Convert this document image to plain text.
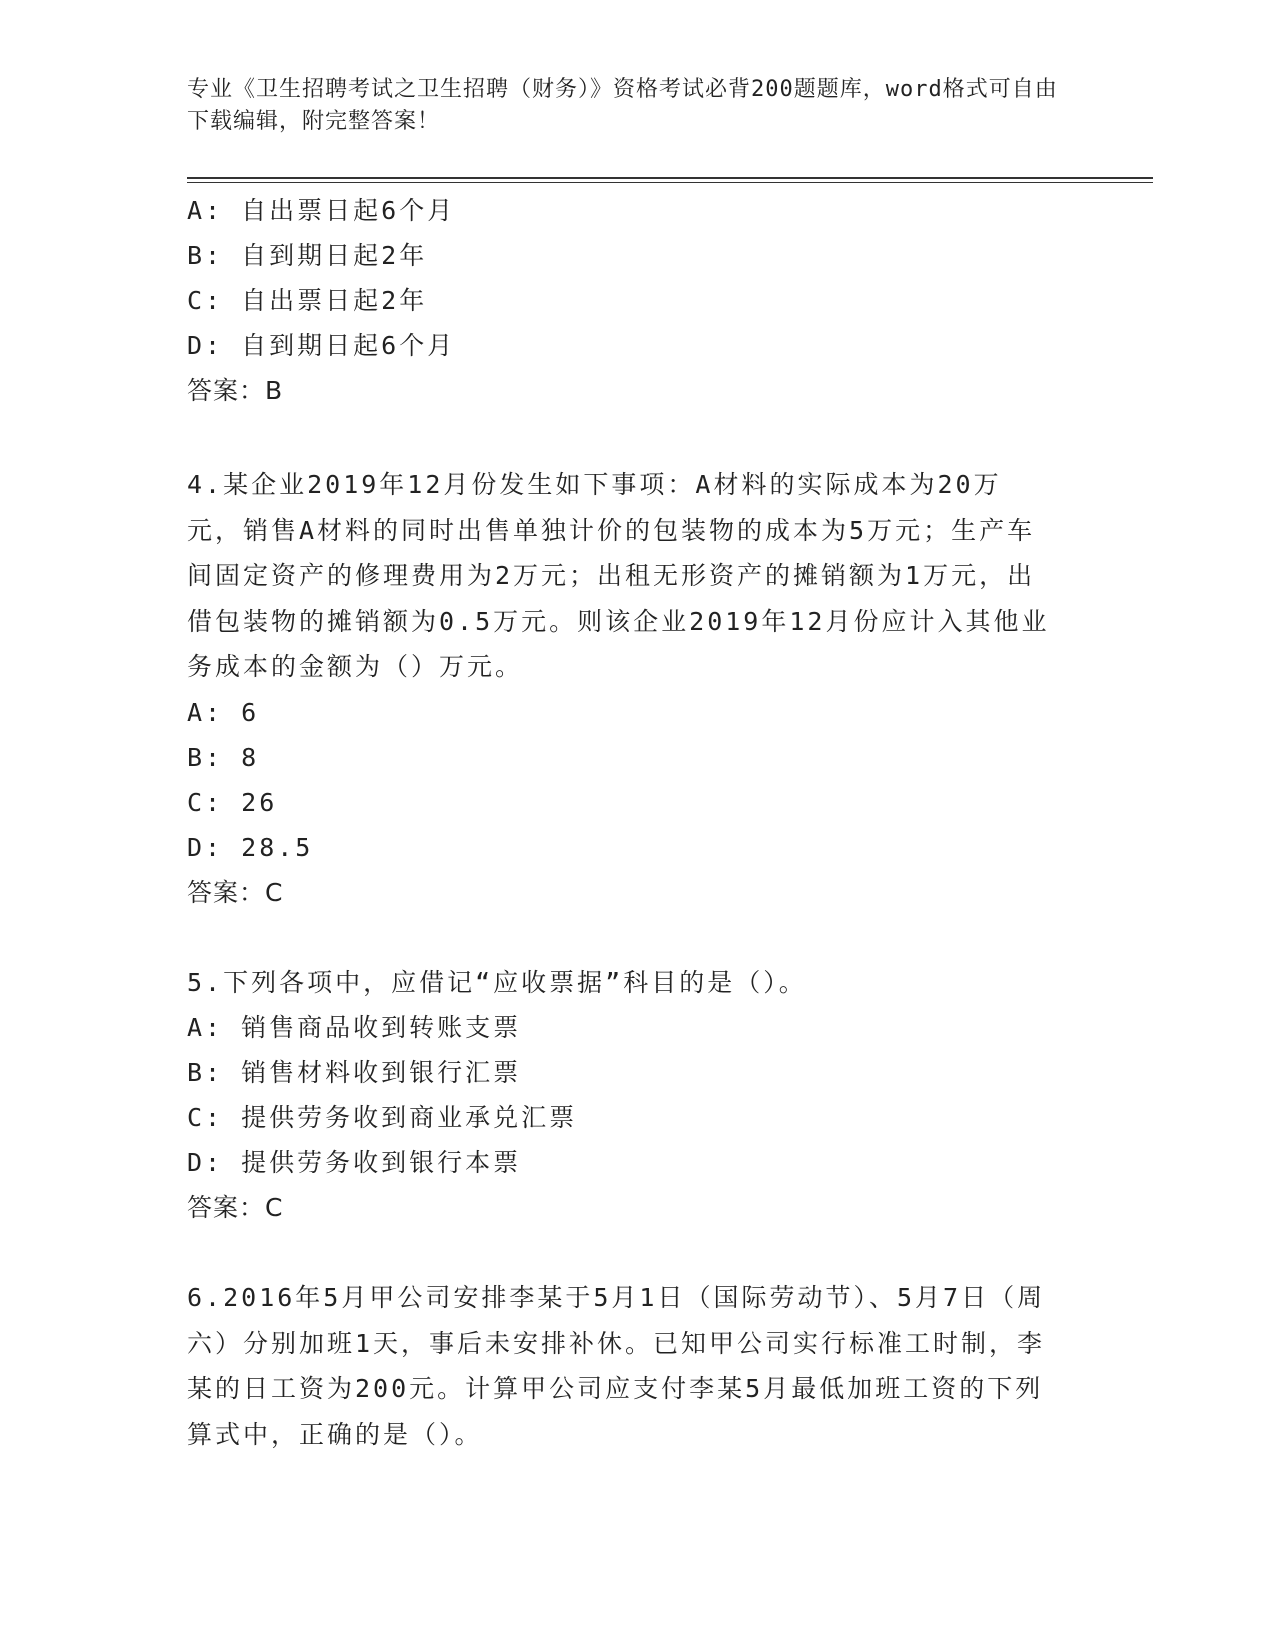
专业《卫生招聘考试之卫生招聘（财务）》资格考试必背200题题库，word格式可自由下载编辑，附完整答案！
A: 自出票日起6个月
B: 自到期日起2年
C: 自出票日起2年
D: 自到期日起6个月
答案：B
4.某企业2019年12月份发生如下事项：A材料的实际成本为20万元，销售A材料的同时出售单独计价的包装物的成本为5万元；生产车间固定资产的修理费用为2万元；出租无形资产的摊销额为1万元，出借包装物的摊销额为0.5万元。则该企业2019年12月份应计入其他业务成本的金额为（）万元。
A: 6
B: 8
C: 26
D: 28.5
答案：C
5.下列各项中，应借记“应收票据”科目的是（）。
A: 销售商品收到转账支票
B: 销售材料收到银行汇票
C: 提供劳务收到商业承兑汇票
D: 提供劳务收到银行本票
答案：C
6.2016年5月甲公司安排李某于5月1日（国际劳动节）、5月7日（周六）分别加班1天，事后未安排补休。已知甲公司实行标准工时制，李某的日工资为200元。计算甲公司应支付李某5月最低加班工资的下列算式中，正确的是（）。
